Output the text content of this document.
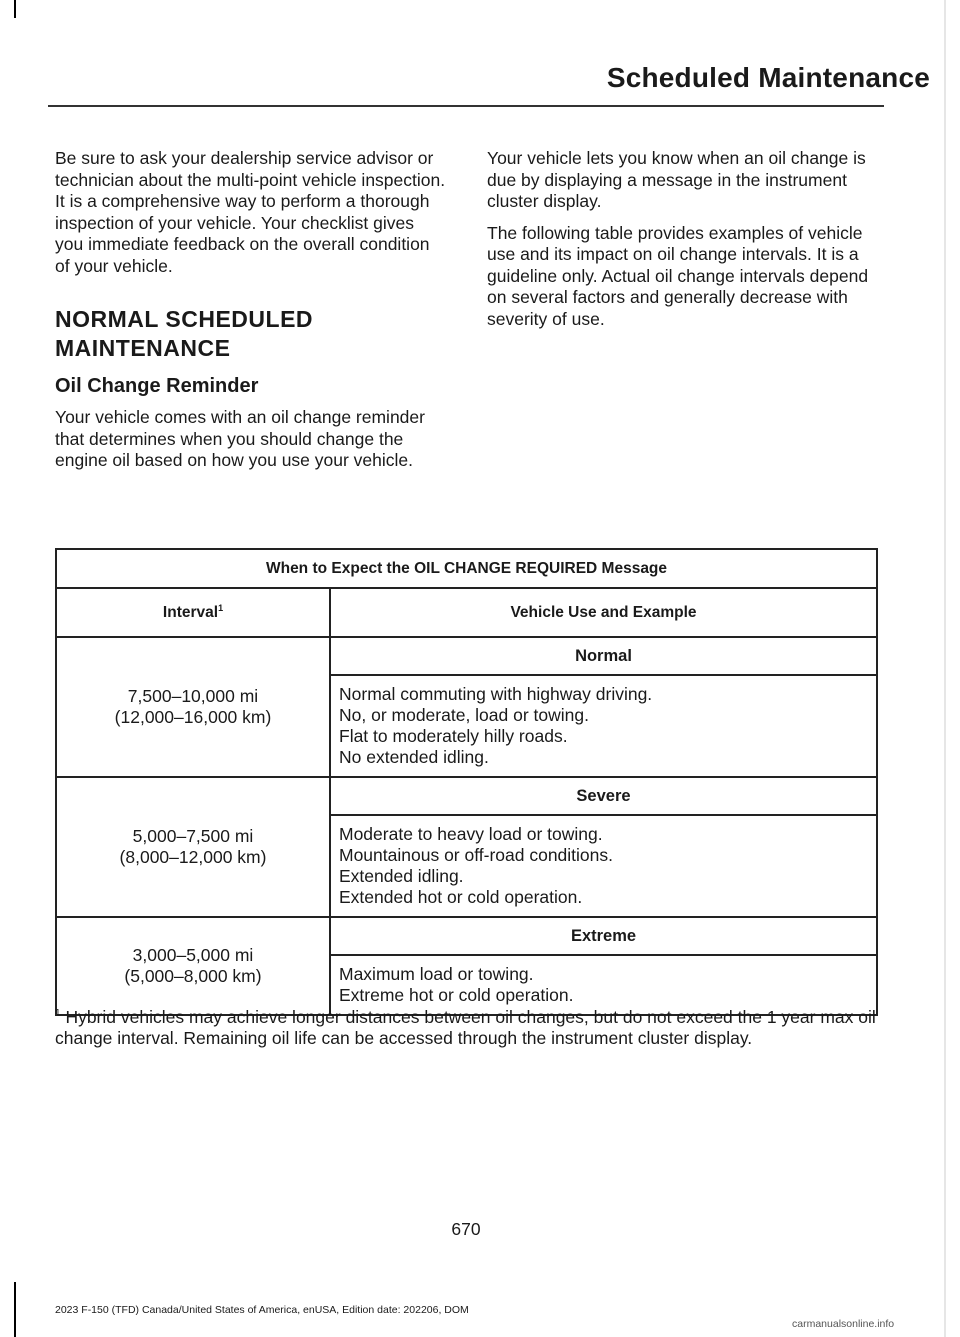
Scheduled Maintenance

Be sure to ask your dealership service advisor or technician about the multi-point vehicle inspection. It is a comprehensive way to perform a thorough inspection of your vehicle. Your checklist gives you immediate feedback on the overall condition of your vehicle.

NORMAL SCHEDULED
MAINTENANCE
Oil Change Reminder

Your vehicle comes with an oil change reminder that determines when you should change the engine oil based on how you use your vehicle.

Your vehicle lets you know when an oil change is due by displaying a message in the instrument cluster display.

The following table provides examples of vehicle use and its impact on oil change intervals. It is a guideline only. Actual oil change intervals depend on several factors and generally decrease with severity of use.

When to Expect the OIL CHANGE REQUIRED Message	
Interval$^1$	Vehicle Use and Example

7,500–10,000 mi
(12,000–16,000 km)	Normal

	Normal commuting with highway driving.
No, or moderate, load or towing.
Flat to moderately hilly roads.
No extended idling.

5,000–7,500 mi
(8,000–12,000 km)	Severe

	Moderate to heavy load or towing.
Mountainous or off-road conditions.
Extended idling.
Extended hot or cold operation.

3,000–5,000 mi
(5,000–8,000 km)	Extreme

	Maximum load or towing.
Extreme hot or cold operation.
$^1$ Hybrid vehicles may achieve longer distances between oil changes, but do not exceed the 1 year max oil change interval. Remaining oil life can be accessed through the instrument cluster display.
670
2023 F-150 (TFD) Canada/United States of America, enUSA, Edition date: 202206, DOM
carmanualsonline.info
